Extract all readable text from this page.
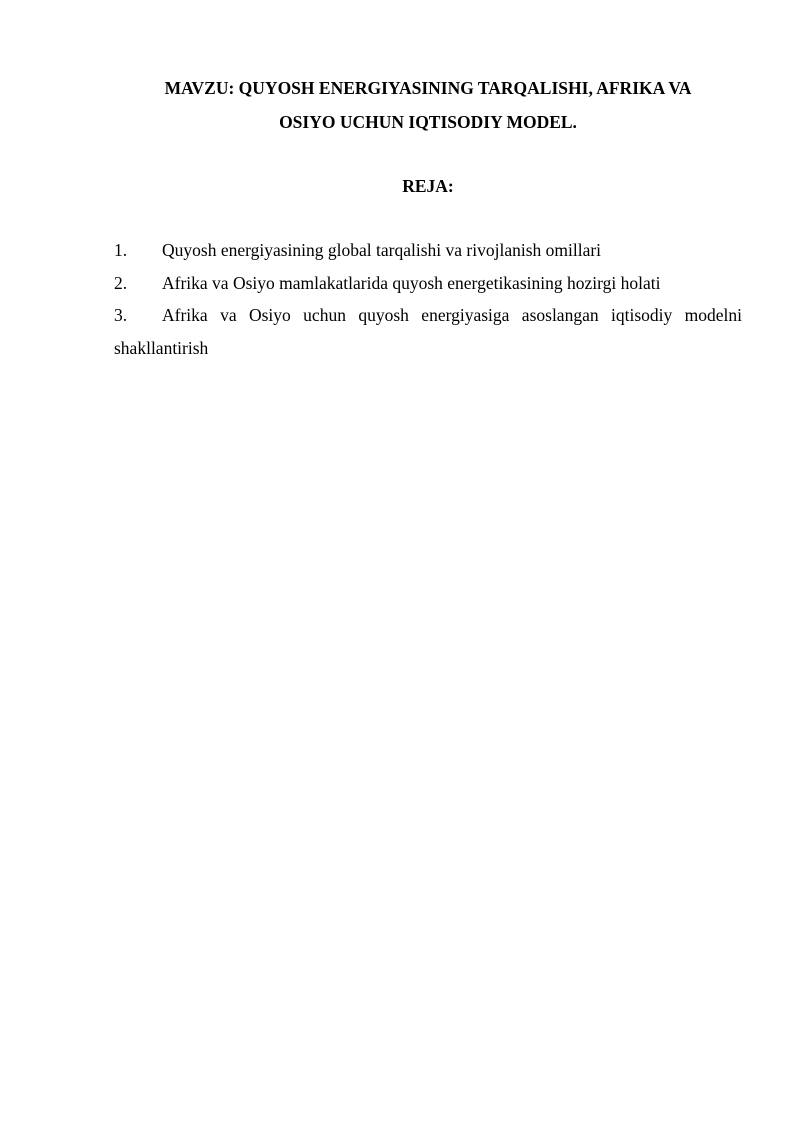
MAVZU: QUYOSH ENERGIYASINING TARQALISHI, AFRIKA VA

OSIYO UCHUN IQTISODIY MODEL.

REJA:

1. Quyosh energiyasining global tarqalishi va rivojlanish omillari
2. Afrika va Osiyo mamlakatlarida quyosh energetikasining hozirgi holati
3. Afrika va Osiyo uchun quyosh energiyasiga asoslangan iqtisodiy modelni shakllantirish
